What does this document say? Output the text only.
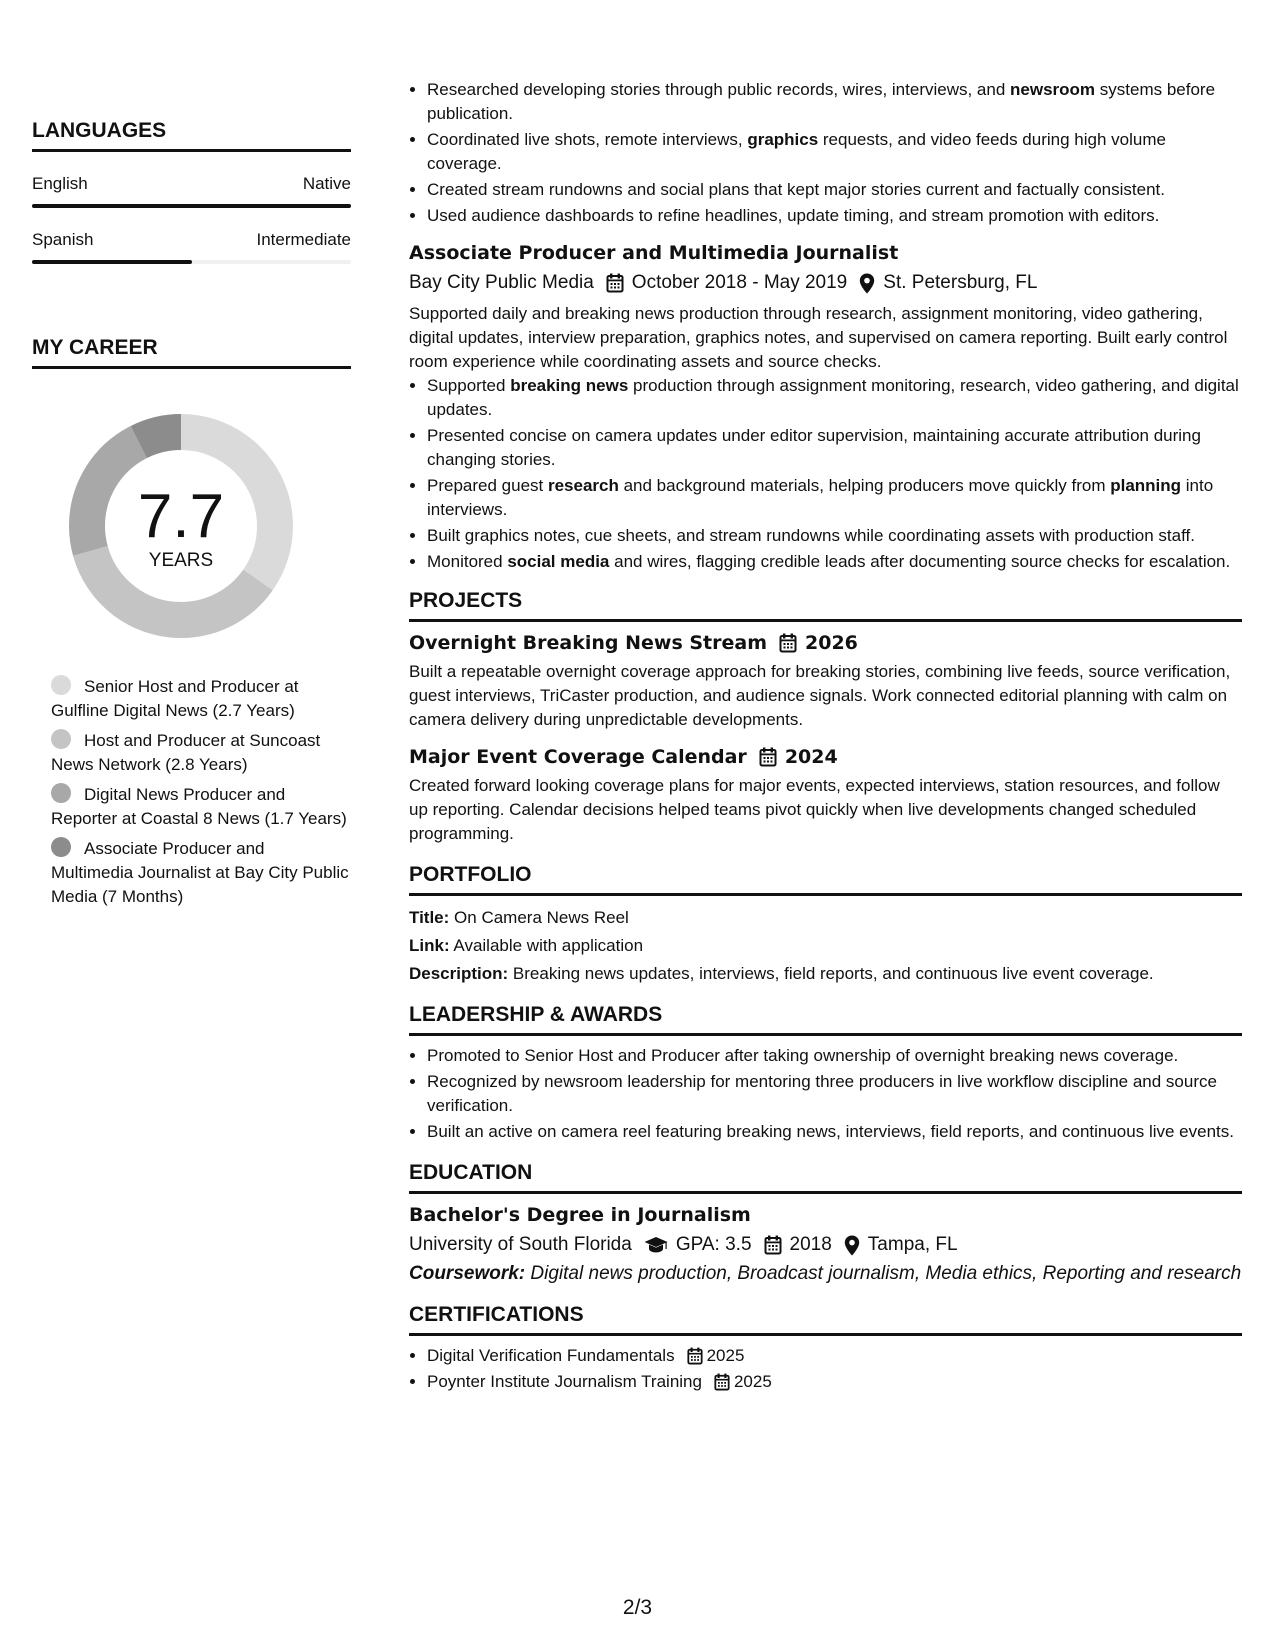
LANGUAGES
English	Native
Spanish	Intermediate
MY CAREER
7.7
YEARS
Senior Host and Producer at Gulfline Digital News (2.7 Years)
Host and Producer at Suncoast News Network (2.8 Years)
Digital News Producer and Reporter at Coastal 8 News (1.7 Years)
Associate Producer and Multimedia Journalist at Bay City Public Media (7 Months)
• Researched developing stories through public records, wires, interviews, and newsroom systems before publication.
• Coordinated live shots, remote interviews, graphics requests, and video feeds during high volume coverage.
• Created stream rundowns and social plans that kept major stories current and factually consistent.
• Used audience dashboards to refine headlines, update timing, and stream promotion with editors.
Associate Producer and Multimedia Journalist
Bay City Public Media October 2018 - May 2019 St. Petersburg, FL
Supported daily and breaking news production through research, assignment monitoring, video gathering, digital updates, interview preparation, graphics notes, and supervised on camera reporting. Built early control room experience while coordinating assets and source checks.
• Supported breaking news production through assignment monitoring, research, video gathering, and digital updates.
• Presented concise on camera updates under editor supervision, maintaining accurate attribution during changing stories.
• Prepared guest research and background materials, helping producers move quickly from planning into interviews.
• Built graphics notes, cue sheets, and stream rundowns while coordinating assets with production staff.
• Monitored social media and wires, flagging credible leads after documenting source checks for escalation.
PROJECTS
Overnight Breaking News Stream 2026
Built a repeatable overnight coverage approach for breaking stories, combining live feeds, source verification, guest interviews, TriCaster production, and audience signals. Work connected editorial planning with calm on camera delivery during unpredictable developments.
Major Event Coverage Calendar 2024
Created forward looking coverage plans for major events, expected interviews, station resources, and follow up reporting. Calendar decisions helped teams pivot quickly when live developments changed scheduled programming.
PORTFOLIO
Title: On Camera News Reel
Link: Available with application
Description: Breaking news updates, interviews, field reports, and continuous live event coverage.
LEADERSHIP & AWARDS
• Promoted to Senior Host and Producer after taking ownership of overnight breaking news coverage.
• Recognized by newsroom leadership for mentoring three producers in live workflow discipline and source verification.
• Built an active on camera reel featuring breaking news, interviews, field reports, and continuous live events.
EDUCATION
Bachelor's Degree in Journalism
University of South Florida GPA: 3.5 2018 Tampa, FL
Coursework: Digital news production, Broadcast journalism, Media ethics, Reporting and research
CERTIFICATIONS
• Digital Verification Fundamentals 2025
• Poynter Institute Journalism Training 2025
2/3
